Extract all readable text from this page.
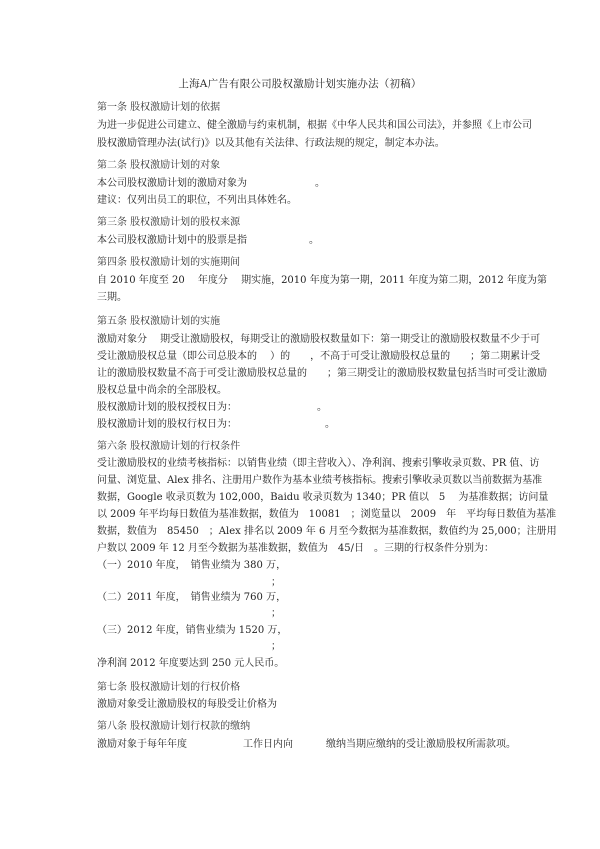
上海A广告有限公司股权激励计划实施办法（初稿）
第一条 股权激励计划的依据
为进一步促进公司建立、健全激励与约束机制，根据《中华人民共和国公司法》，并参照《上市公司
股权激励管理办法(试行)》以及其他有关法律、行政法规的规定，制定本办法。
第二条 股权激励计划的对象
本公司股权激励计划的激励对象为	。
建议：仅列出员工的职位，不列出具体姓名。
第三条 股权激励计划的股权来源
本公司股权激励计划中的股票是指	。
第四条 股权激励计划的实施期间
自 2010 年度至 20　 年度分　 期实施，2010 年度为第一期，2011 年度为第二期，2012 年度为第
三期。
第五条 股权激励计划的实施
激励对象分　 期受让激励股权，每期受让的激励股权数量如下：第一期受让的激励股权数量不少于可
受让激励股权总量（即公司总股本的　 ）的　　，不高于可受让激励股权总量的　　；第二期累计受
让的激励股权数量不高于可受让激励股权总量的　　；第三期受让的激励股权数量包括当时可受让激励
股权总量中尚余的全部股权。
股权激励计划的股权授权日为：	。
股权激励计划的股权行权日为：	。
第六条 股权激励计划的行权条件
受让激励股权的业绩考核指标：以销售业绩（即主营收入）、净利润、搜索引擎收录页数、PR 值、访
问量、浏览量、Alex 排名、注册用户数作为基本业绩考核指标。搜索引擎收录页数以当前数据为基准
数据，Google 收录页数为 102,000，Baidu 收录页数为 1340；PR 值以　5　 为基准数据；访问量
以 2009 年平均每日数值为基准数据，数值为　10081　；浏览量以　2009　年　平均每日数值为基准
数据，数值为　85450　；Alex 排名以 2009 年 6 月至今数据为基准数据，数值约为 25,000；注册用
户数以 2009 年 12 月至今数据为基准数据，数值为　45/日　。三期的行权条件分别为：
（一）2010 年度，　销售业绩为 380 万，
；
（二）2011 年度，　销售业绩为 760 万，
；
（三）2012 年度，销售业绩为 1520 万，
；
净利润 2012 年度要达到 250 元人民币。
第七条 股权激励计划的行权价格
激励对象受让激励股权的每股受让价格为
第八条 股权激励计划行权款的缴纳
激励对象于每年年度	工作日内向	缴纳当期应缴纳的受让激励股权所需款项。
